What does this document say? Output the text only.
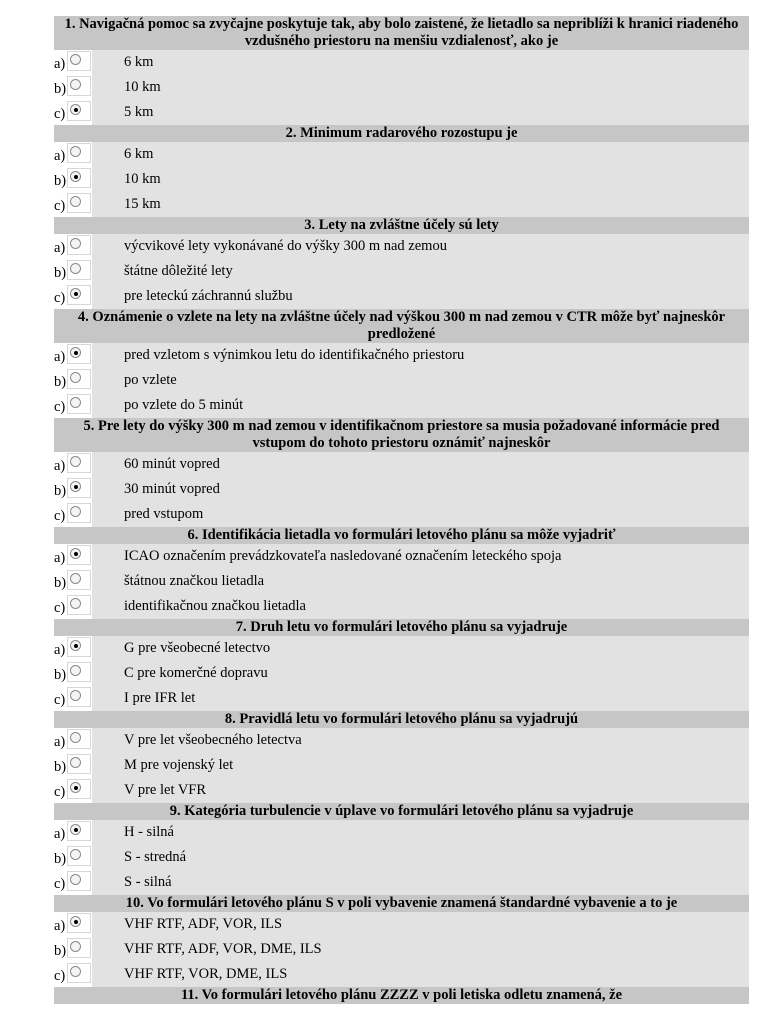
1. Navigačná pomoc sa zvyčajne poskytuje tak, aby bolo zaistené, že lietadlo sa nepriblíži k hranici riadeného vzdušného priestoru na menšiu vzdialenosť, ako je
a)	6 km
b)	10 km
c)	5 km
2. Minimum radarového rozostupu je
a)	6 km
b)	10 km
c)	15 km
3. Lety na zvláštne účely sú lety
a)	výcvikové lety vykonávané do výšky 300 m nad zemou
b)	štátne dôležité lety
c)	pre leteckú záchrannú službu
4. Oznámenie o vzlete na lety na zvláštne účely nad výškou 300 m nad zemou v CTR môže byť najneskôr predložené
a)	pred vzletom s výnimkou letu do identifikačného priestoru
b)	po vzlete
c)	po vzlete do 5 minút
5. Pre lety do výšky 300 m nad zemou v identifikačnom priestore sa musia požadované informácie pred vstupom do tohoto priestoru oznámiť najneskôr
a)	60 minút vopred
b)	30 minút vopred
c)	pred vstupom
6. Identifikácia lietadla vo formulári letového plánu sa môže vyjadriť
a)	ICAO označením prevádzkovateľa nasledované označením leteckého spoja
b)	štátnou značkou lietadla
c)	identifikačnou značkou lietadla
7. Druh letu vo formulári letového plánu sa vyjadruje
a)	G pre všeobecné letectvo
b)	C pre komerčné dopravu
c)	I pre IFR let
8. Pravidlá letu vo formulári letového plánu sa vyjadrujú
a)	V pre let všeobecného letectva
b)	M pre vojenský let
c)	V pre let VFR
9. Kategória turbulencie v úplave vo formulári letového plánu sa vyjadruje
a)	H - silná
b)	S - stredná
c)	S - silná
10. Vo formulári letového plánu S v poli vybavenie znamená štandardné vybavenie a to je
a)	VHF RTF, ADF, VOR, ILS
b)	VHF RTF, ADF, VOR, DME, ILS
c)	VHF RTF, VOR, DME, ILS
11. Vo formulári letového plánu ZZZZ v poli letiska odletu znamená, že
